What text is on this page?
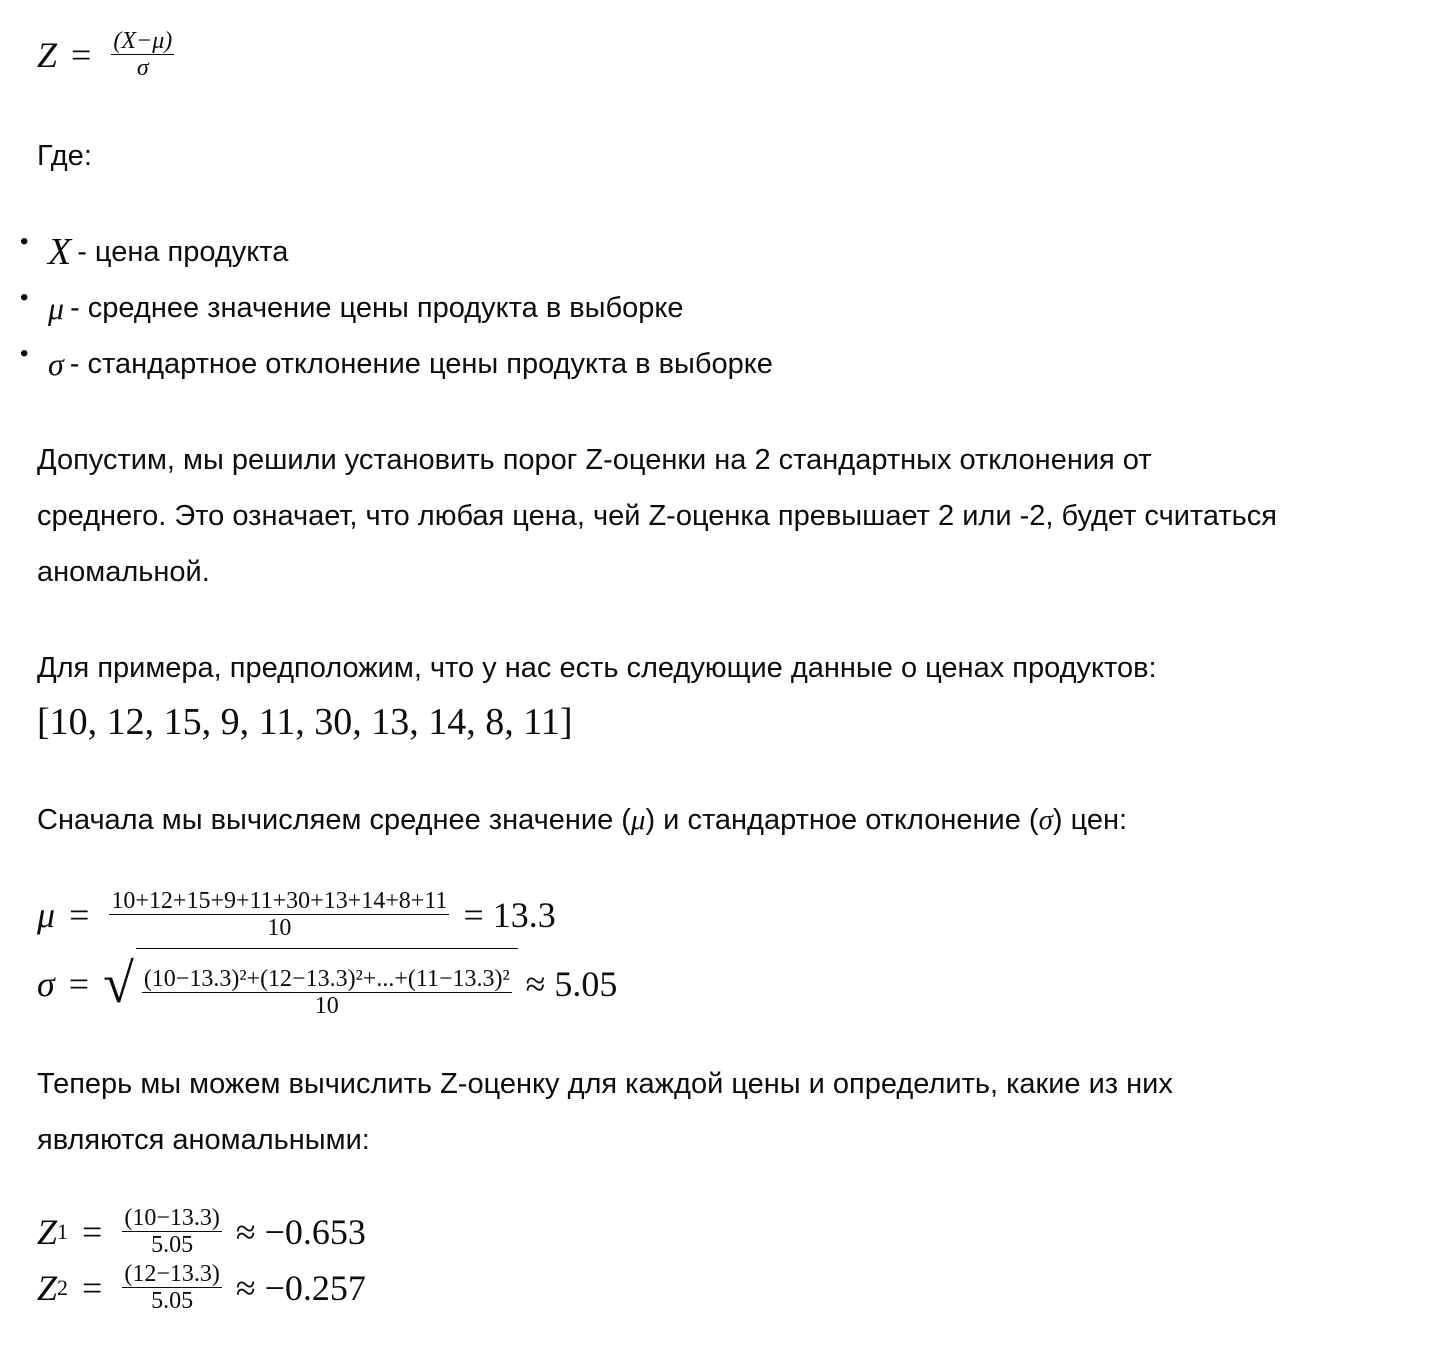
$Z = \frac{(X-\mu)}{\sigma}$
Где:
• X - цена продукта
• μ - среднее значение цены продукта в выборке
• σ - стандартное отклонение цены продукта в выборке
Допустим, мы решили установить порог Z-оценки на 2 стандартных отклонения от
среднего. Это означает, что любая цена, чей Z-оценка превышает 2 или -2, будет считаться
аномальной.
Для примера, предположим, что у нас есть следующие данные о ценах продуктов:
[10, 12, 15, 9, 11, 30, 13, 14, 8, 11]
Сначала мы вычисляем среднее значение (μ) и стандартное отклонение (σ) цен:
$\mu = \frac{10+12+15+9+11+30+13+14+8+11}{10} = 13.3$
σ = √ $\frac{\text{(10−13.3)²+(12−13.3)²+...+(11−13.3)²}}{10} \approx 5.05$
Теперь мы можем вычислить Z-оценку для каждой цены и определить, какие из них
являются аномальными:
Z $1 = \frac{(10-13.3)}{5.05} \approx -0.653$
Z $2 = \frac{(12-13.3)}{5.05} \approx -0.257$
